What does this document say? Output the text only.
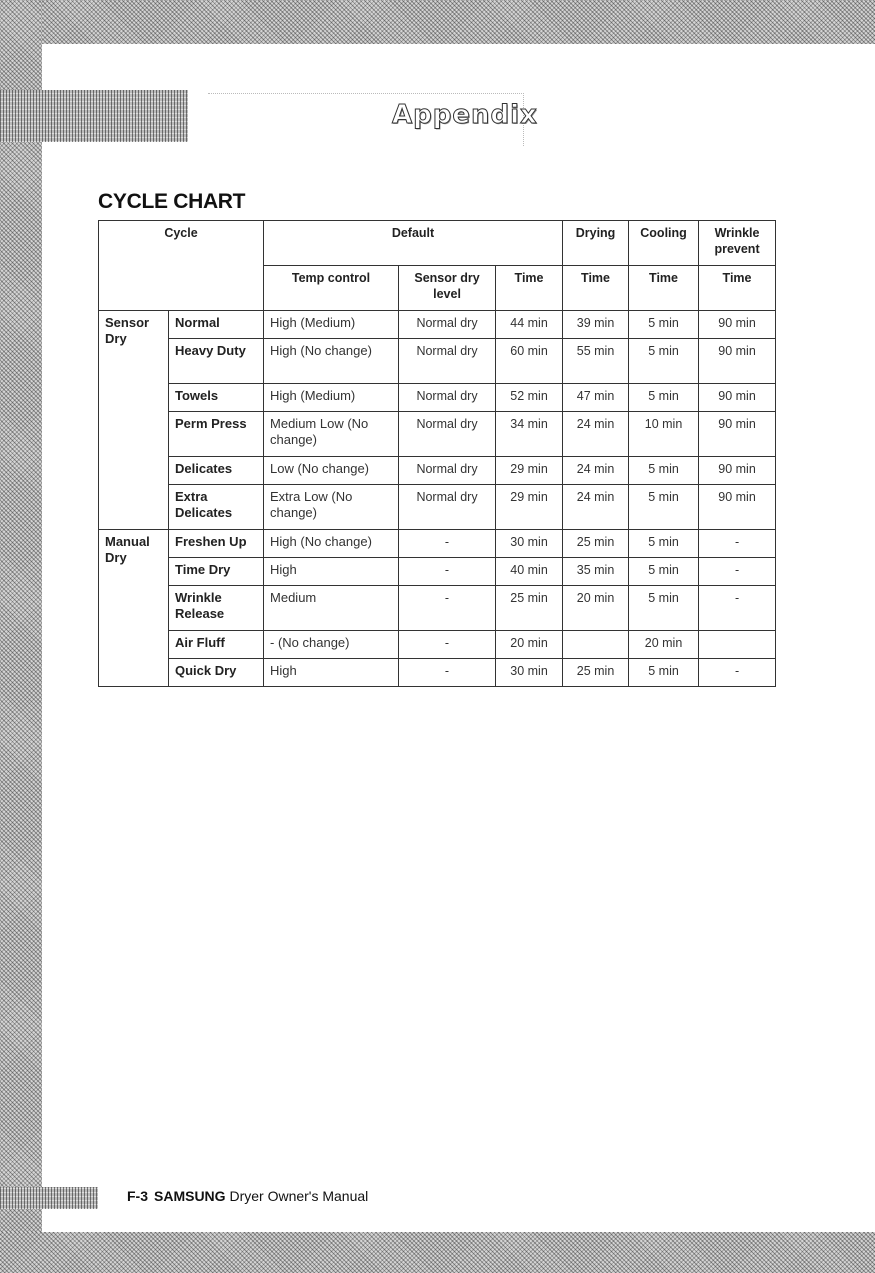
Appendix
CYCLE CHART
Cycle		Default			Drying	Cooling	Wrinkle prevent
		Temp control	Sensor dry level	Time	Time	Time	Time
Sensor Dry	Normal	High (Medium)	Normal dry	44 min	39 min	5 min	90 min
	Heavy Duty	High (No change)	Normal dry	60 min	55 min	5 min	90 min
	Towels	High (Medium)	Normal dry	52 min	47 min	5 min	90 min
	Perm Press	Medium Low (No change)	Normal dry	34 min	24 min	10 min	90 min
	Delicates	Low (No change)	Normal dry	29 min	24 min	5 min	90 min
	Extra Delicates	Extra Low (No change)	Normal dry	29 min	24 min	5 min	90 min
Manual Dry	Freshen Up	High (No change)	-	30 min	25 min	5 min	-
	Time Dry	High	-	40 min	35 min	5 min	-
	Wrinkle Release	Medium	-	25 min	20 min	5 min	-
	Air Fluff	- (No change)	-	20 min		20 min	
	Quick Dry	High	-	30 min	25 min	5 min	-
F-3 SAMSUNG Dryer Owner's Manual
